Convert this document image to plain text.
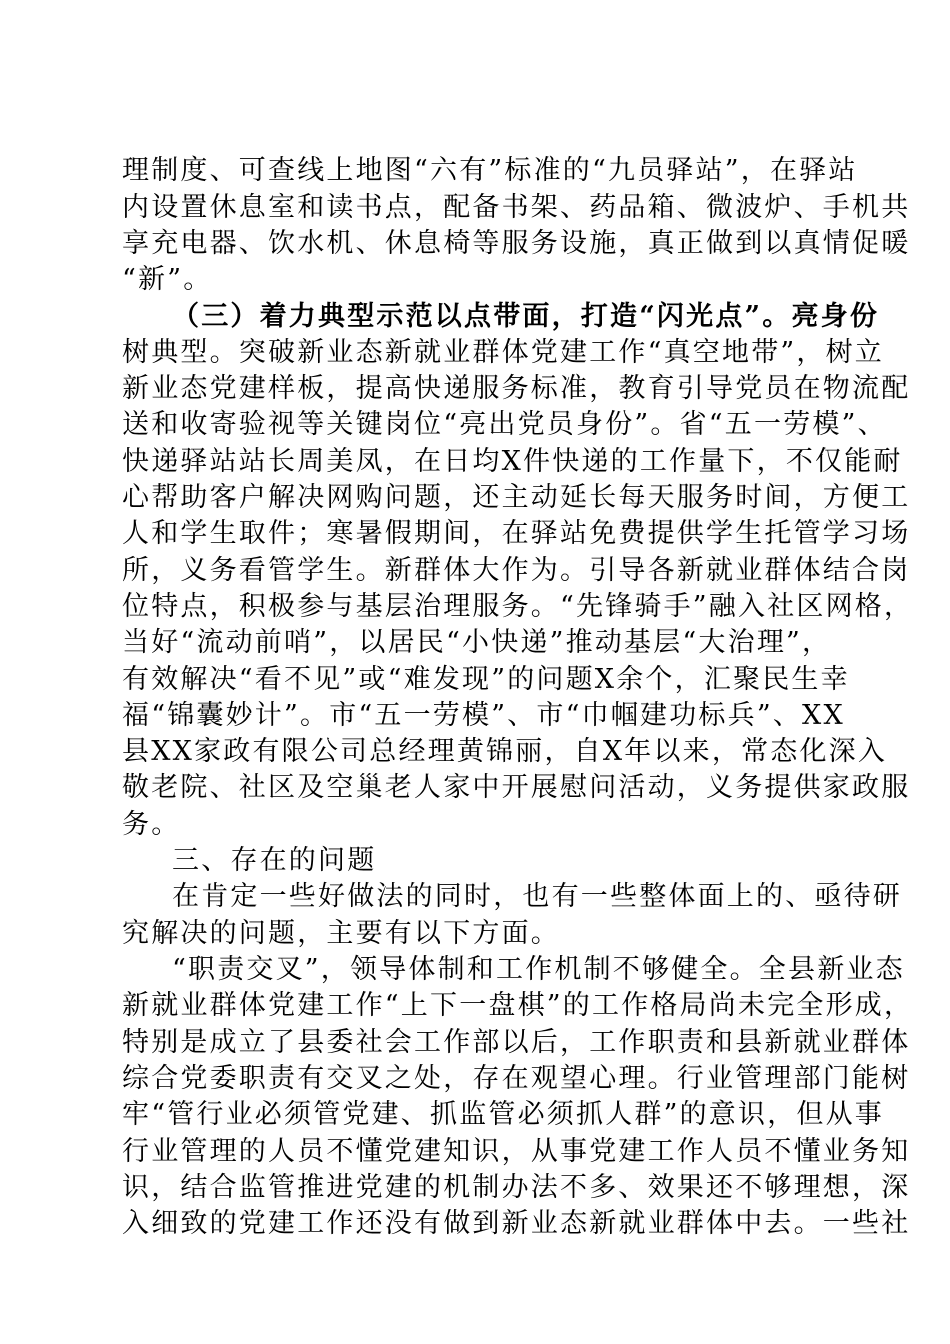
理制度、可查线上地图“六有”标准的“九员驿站”，在驿站
内设置休息室和读书点，配备书架、药品箱、微波炉、手机共
享充电器、饮水机、休息椅等服务设施，真正做到以真情促暖
“新”。
（三）着力典型示范以点带面，打造“闪光点”。亮身份
树典型。突破新业态新就业群体党建工作“真空地带”，树立
新业态党建样板，提高快递服务标准，教育引导党员在物流配
送和收寄验视等关键岗位“亮出党员身份”。省“五一劳模”、
快递驿站站长周美凤，在日均X件快递的工作量下，不仅能耐
心帮助客户解决网购问题，还主动延长每天服务时间，方便工
人和学生取件；寒暑假期间，在驿站免费提供学生托管学习场
所，义务看管学生。新群体大作为。引导各新就业群体结合岗
位特点，积极参与基层治理服务。“先锋骑手”融入社区网格，
当好“流动前哨”，以居民“小快递”推动基层“大治理”，
有效解决“看不见”或“难发现”的问题X余个，汇聚民生幸
福“锦囊妙计”。市“五一劳模”、市“巾帼建功标兵”、XX
县XX家政有限公司总经理黄锦丽，自X年以来，常态化深入
敬老院、社区及空巢老人家中开展慰问活动，义务提供家政服
务。
三、存在的问题
在肯定一些好做法的同时，也有一些整体面上的、亟待研
究解决的问题，主要有以下方面。
“职责交叉”，领导体制和工作机制不够健全。全县新业态
新就业群体党建工作“上下一盘棋”的工作格局尚未完全形成，
特别是成立了县委社会工作部以后，工作职责和县新就业群体
综合党委职责有交叉之处，存在观望心理。行业管理部门能树
牢“管行业必须管党建、抓监管必须抓人群”的意识，但从事
行业管理的人员不懂党建知识，从事党建工作人员不懂业务知
识，结合监管推进党建的机制办法不多、效果还不够理想，深
入细致的党建工作还没有做到新业态新就业群体中去。一些社
